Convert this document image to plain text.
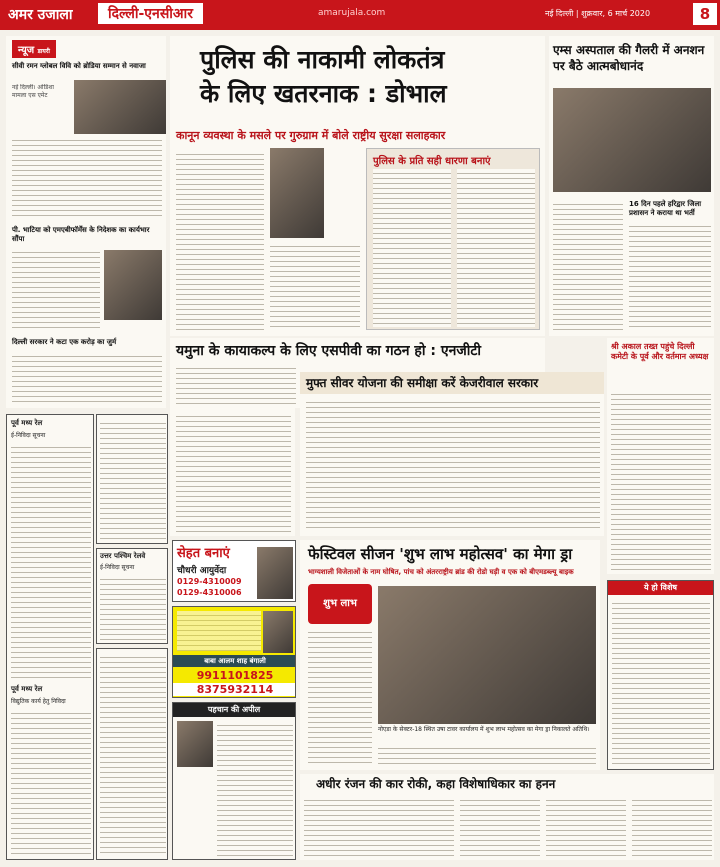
अमर उजाला	दिल्ली-एनसीआर	amarujala.com	नई दिल्ली | शुक्रवार, 6 मार्च 2020	8
न्यूज डायरी
सीवी रमन ग्लोबल विवि को ब्रोडिया सम्मान से नवाजा
नई दिल्ली। ओडिशा मामला एस एमेट
पी. भाटिया को एमएबीफॉर्मेंस के निदेशक का कार्यभार सौंपा
दिल्ली सरकार ने कटा एक करोड़ का जुर्म
पुलिस की नाकामी लोकतंत्र
के लिए खतरनाक : डोभाल
कानून व्यवस्था के मसले पर गुरुग्राम में बोले राष्ट्रीय सुरक्षा सलाहकार
पुलिस के प्रति सही धारणा बनाएं
एम्स अस्पताल की गैलरी में अनशन पर बैठे आत्मबोधानंद
16 दिन पहले हरिद्वार जिला प्रशासन ने कराया था भर्ती
यमुना के कायाकल्प के लिए एसपीवी का गठन हो : एनजीटी	श्री अकाल तख्त पहुंचे दिल्ली कमेटी के पूर्व और वर्तमान अध्यक्ष
मुफ्त सीवर योजना की समीक्षा करें केजरीवाल सरकार
पूर्व मध्य रेल
ई-निविदा सूचना
पूर्व मध्य रेल
विद्युतिक कार्य हेतु निविदा
उत्तर पश्चिम रेलवे
ई-निविदा सूचना
सेहत बनाएं
चौधरी आयुर्वेदा
0129-4310009
0129-4310006
बाबा आलम शाह बंगाली
9911101825
8375932114
पहचान की अपील
फेस्टिवल सीजन 'शुभ लाभ महोत्सव' का मेगा ड्रा
भाग्यशाली विजेताओं के नाम घोषित, पांच को अंतरराष्ट्रीय ब्रांड की रोडो घड़ी व एक को बीएमडब्ल्यू बाइक
शुभ लाभ
नोएडा के सेक्टर-18 स्थित उषा टावर कार्यालय में शुभ लाभ महोत्सव का मेगा ड्रा निकालते अतिथि।
ये हो विशेष
अधीर रंजन की कार रोकी, कहा विशेषाधिकार का हनन
